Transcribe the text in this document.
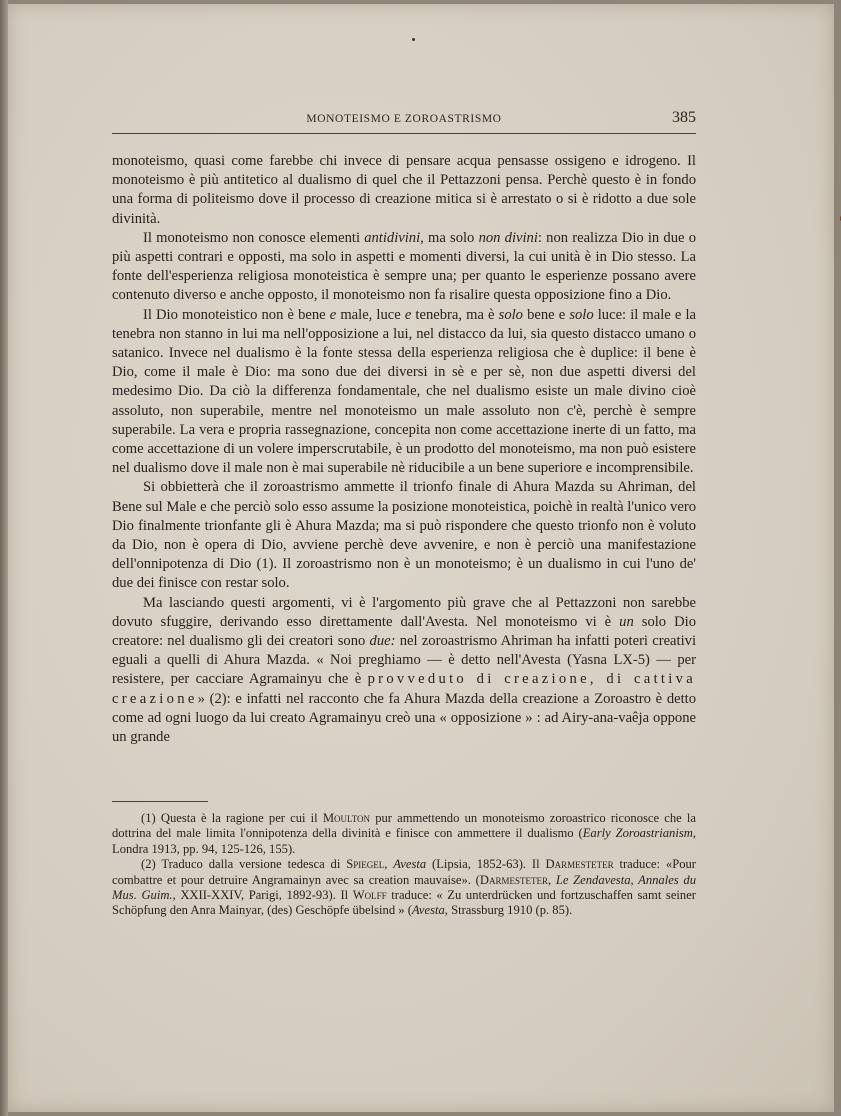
MONOTEISMO E ZOROASTRISMO	385

monoteismo, quasi come farebbe chi invece di pensare acqua pensasse ossigeno e idrogeno. Il monoteismo è più antitetico al dualismo di quel che il Pettazzoni pensa. Perchè questo è in fondo una forma di politeismo dove il processo di creazione mitica si è arrestato o si è ridotto a due sole divinità.

Il monoteismo non conosce elementi antidivini, ma solo non divini: non realizza Dio in due o più aspetti contrari e opposti, ma solo in aspetti e momenti diversi, la cui unità è in Dio stesso. La fonte dell'esperienza religiosa monoteistica è sempre una; per quanto le esperienze possano avere contenuto diverso e anche opposto, il monoteismo non fa risalire questa opposizione fino a Dio.

Il Dio monoteistico non è bene e male, luce e tenebra, ma è solo bene e solo luce: il male e la tenebra non stanno in lui ma nell'opposizione a lui, nel distacco da lui, sia questo distacco umano o satanico. Invece nel dualismo è la fonte stessa della esperienza religiosa che è duplice: il bene è Dio, come il male è Dio: ma sono due dei diversi in sè e per sè, non due aspetti diversi del medesimo Dio. Da ciò la differenza fondamentale, che nel dualismo esiste un male divino cioè assoluto, non superabile, mentre nel monoteismo un male assoluto non c'è, perchè è sempre superabile. La vera e propria rassegnazione, concepita non come accettazione inerte di un fatto, ma come accettazione di un volere imperscrutabile, è un prodotto del monoteismo, ma non può esistere nel dualismo dove il male non è mai superabile nè riducibile a un bene superiore e incomprensibile.

Si obbietterà che il zoroastrismo ammette il trionfo finale di Ahura Mazda su Ahriman, del Bene sul Male e che perciò solo esso assume la posizione monoteistica, poichè in realtà l'unico vero Dio finalmente trionfante gli è Ahura Mazda; ma si può rispondere che questo trionfo non è voluto da Dio, non è opera di Dio, avviene perchè deve avvenire, e non è perciò una manifestazione dell'onnipotenza di Dio (1). Il zoroastrismo non è un monoteismo; è un dualismo in cui l'uno de' due dei finisce con restar solo.

Ma lasciando questi argomenti, vi è l'argomento più grave che al Pettazzoni non sarebbe dovuto sfuggire, derivando esso direttamente dall'Avesta. Nel monoteismo vi è un solo Dio creatore: nel dualismo gli dei creatori sono due: nel zoroastrismo Ahriman ha infatti poteri creativi eguali a quelli di Ahura Mazda. « Noi preghiamo — è detto nell'Avesta (Yasna LX-5) — per resistere, per cacciare Agramainyu che è provveduto di creazione, di cattiva creazione» (2): e infatti nel racconto che fa Ahura Mazda della creazione a Zoroastro è detto come ad ogni luogo da lui creato Agramainyu creò una « opposizione » : ad Airy-ana-vaêja oppone un grande

(1) Questa è la ragione per cui il Moulton pur ammettendo un monoteismo zoroastrico riconosce che la dottrina del male limita l'onnipotenza della divinità e finisce con ammettere il dualismo (Early Zoroastrianism, Londra 1913, pp. 94, 125-126, 155).

(2) Traduco dalla versione tedesca di Spiegel, Avesta (Lipsia, 1852-63). Il Darmesteter traduce: «Pour combattre et pour detruire Angramainyn avec sa creation mauvaise». (Darmesteter, Le Zendavesta, Annales du Mus. Guim., XXII-XXIV, Parigi, 1892-93). Il Wolff traduce: « Zu unterdrücken und fortzuschaffen samt seiner Schöpfung den Anra Mainyar, (des) Geschöpfe übelsind » (Avesta, Strassburg 1910 (p. 85).
